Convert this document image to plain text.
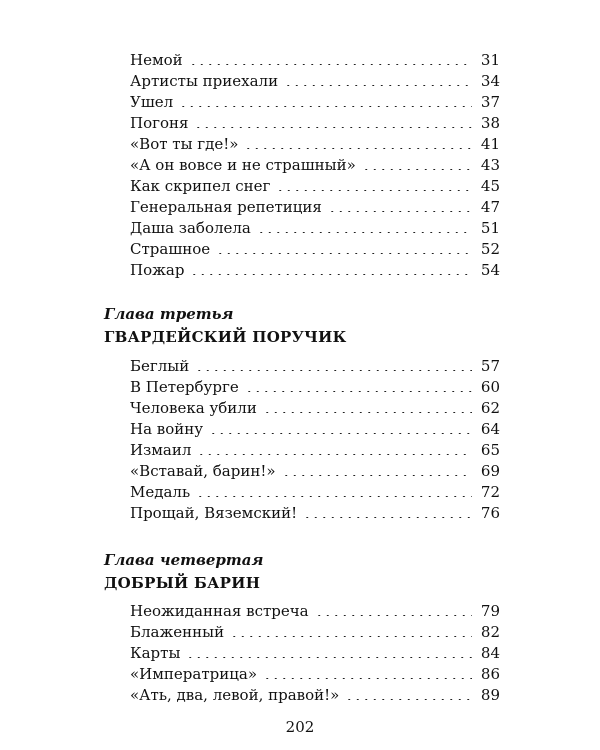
Немой	31
Артисты приехали	34
Ушел	37
Погоня	38
«Вот ты где!»	41
«А он вовсе и не страшный»	43
Как скрипел снег	45
Генеральная репетиция	47
Даша заболела	51
Страшное	52
Пожар	54
Глава третья
ГВАРДЕЙСКИЙ ПОРУЧИК
Беглый	57
В Петербурге	60
Человека убили	62
На войну	64
Измаил	65
«Вставай, барин!»	69
Медаль	72
Прощай, Вяземский!	76
Глава четвертая
ДОБРЫЙ БАРИН
Неожиданная встреча	79
Блаженный	82
Карты	84
«Императрица»	86
«Ать, два, левой, правой!»	89
202
